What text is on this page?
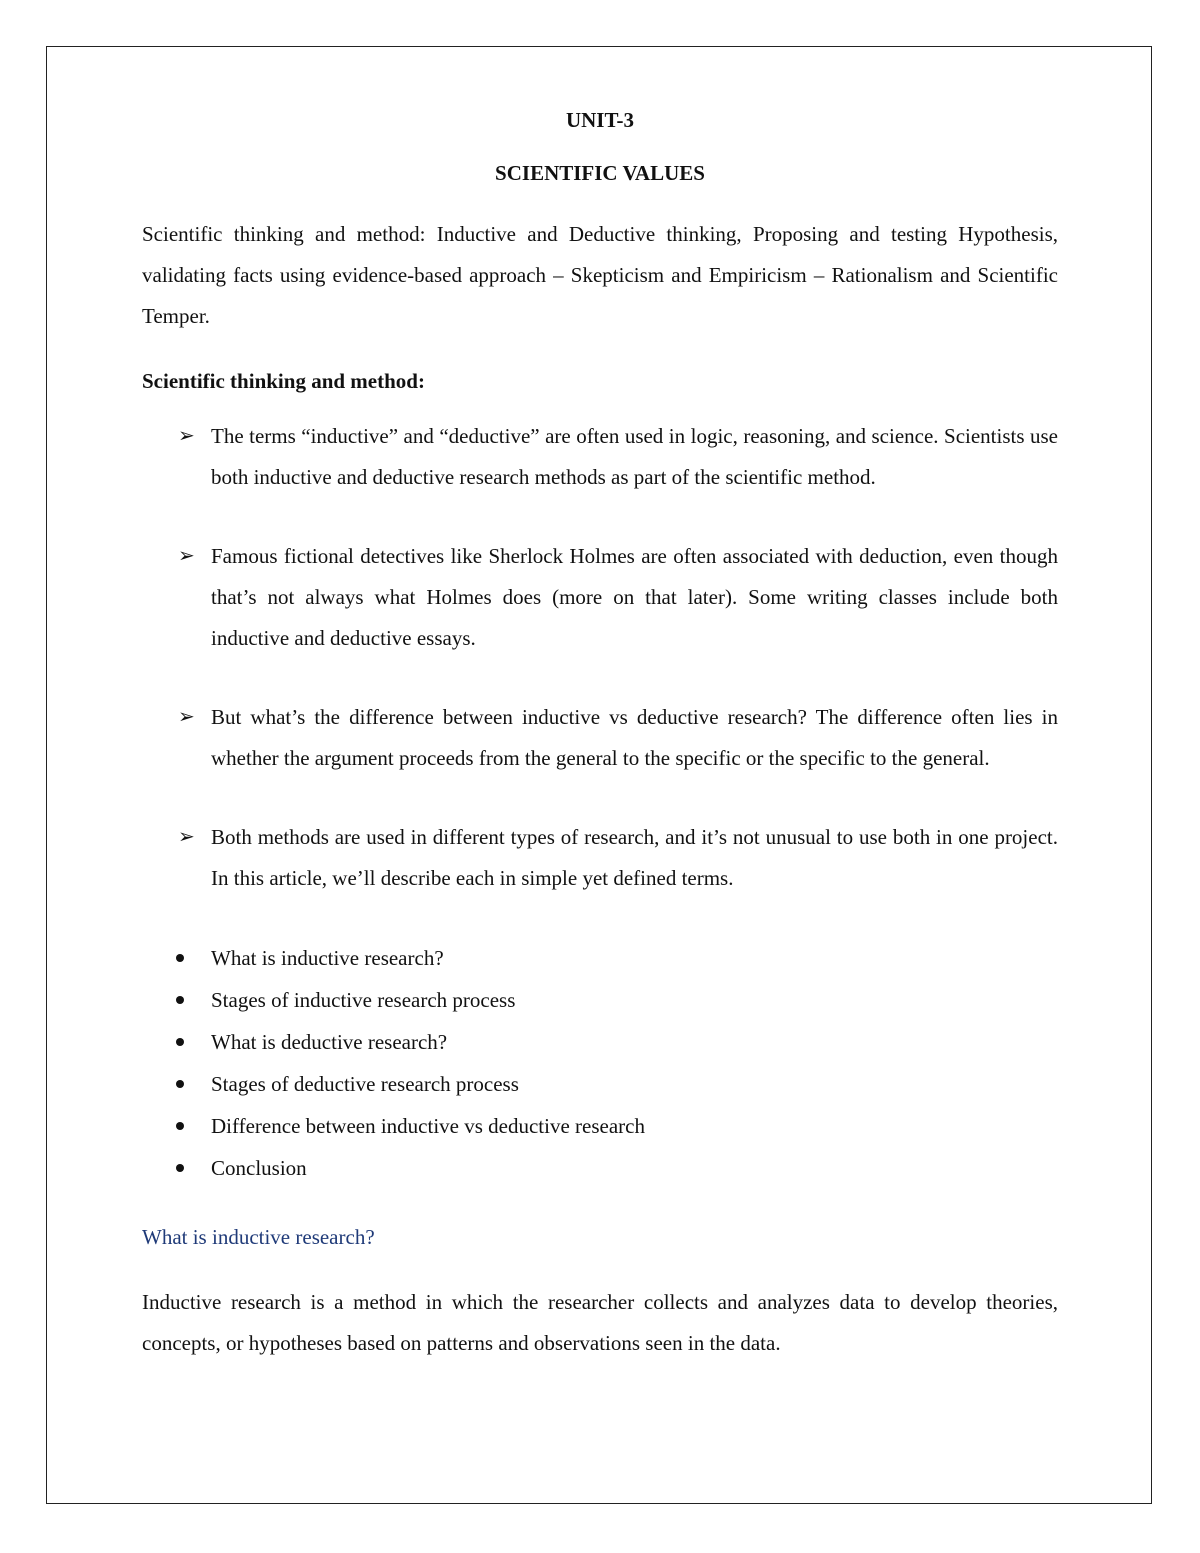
UNIT-3

SCIENTIFIC VALUES

Scientific thinking and method: Inductive and Deductive thinking, Proposing and testing Hypothesis, validating facts using evidence-based approach – Skepticism and Empiricism – Rationalism and Scientific Temper.

Scientific thinking and method:

➢ The terms “inductive” and “deductive” are often used in logic, reasoning, and science. Scientists use both inductive and deductive research methods as part of the scientific method.
➢ Famous fictional detectives like Sherlock Holmes are often associated with deduction, even though that’s not always what Holmes does (more on that later). Some writing classes include both inductive and deductive essays.
➢ But what’s the difference between inductive vs deductive research? The difference often lies in whether the argument proceeds from the general to the specific or the specific to the general.
➢ Both methods are used in different types of research, and it’s not unusual to use both in one project. In this article, we’ll describe each in simple yet defined terms.
What is inductive research?
Stages of inductive research process
What is deductive research?
Stages of deductive research process
Difference between inductive vs deductive research
Conclusion

What is inductive research?

Inductive research is a method in which the researcher collects and analyzes data to develop theories, concepts, or hypotheses based on patterns and observations seen in the data.
